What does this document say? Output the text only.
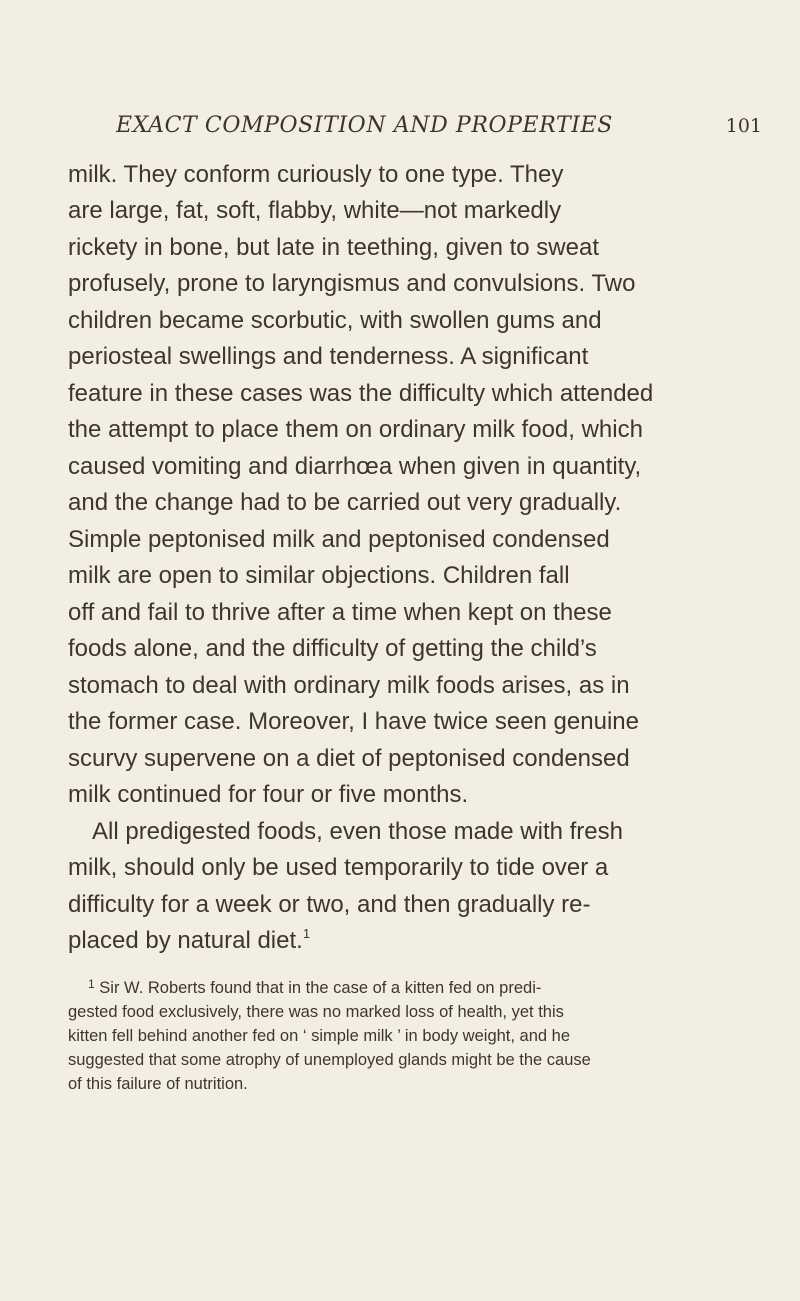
EXACT COMPOSITION AND PROPERTIES	101
milk. They conform curiously to one type. They
are large, fat, soft, flabby, white—not markedly
rickety in bone, but late in teething, given to sweat
profusely, prone to laryngismus and convulsions. Two
children became scorbutic, with swollen gums and
periosteal swellings and tenderness. A significant
feature in these cases was the difficulty which attended
the attempt to place them on ordinary milk food, which
caused vomiting and diarrhœa when given in quantity,
and the change had to be carried out very gradually.
Simple peptonised milk and peptonised condensed
milk are open to similar objections. Children fall
off and fail to thrive after a time when kept on these
foods alone, and the difficulty of getting the child’s
stomach to deal with ordinary milk foods arises, as in
the former case. Moreover, I have twice seen genuine
scurvy supervene on a diet of peptonised condensed
milk continued for four or five months.
All predigested foods, even those made with fresh
milk, should only be used temporarily to tide over a
difficulty for a week or two, and then gradually re-
placed by natural diet.$^1$
$^1$ Sir W. Roberts found that in the case of a kitten fed on predi-
gested food exclusively, there was no marked loss of health, yet this
kitten fell behind another fed on ‘ simple milk ’ in body weight, and he
suggested that some atrophy of unemployed glands might be the cause
of this failure of nutrition.
